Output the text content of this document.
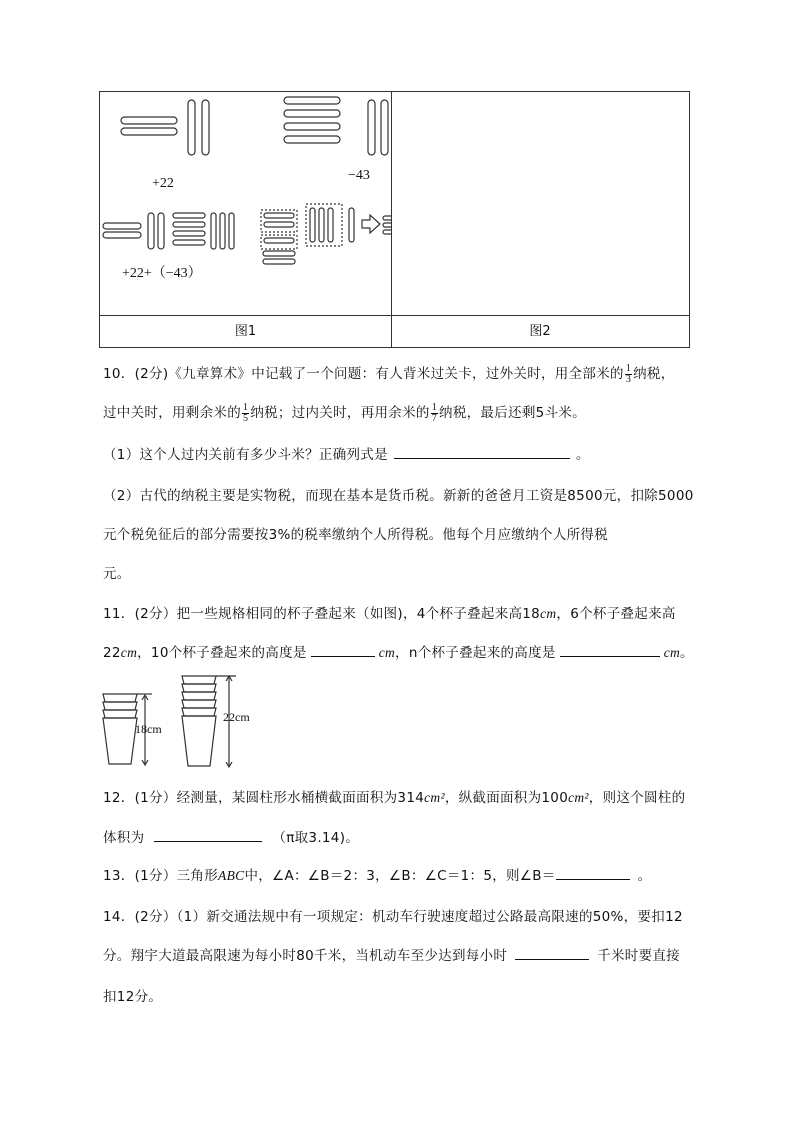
+22
−43
+22+（−43）
图1	图2
10．(2分)《九章算术》中记载了一个问题：有人背米过关卡，过外关时，用全部米的 $\frac{1}{3}$ 纳税，
过中关时，用剩余米的 $\frac{1}{5}$ 纳税；过内关时，再用余米的 $\frac{1}{7}$ 纳税，最后还剩5斗米。
（1）这个人过内关前有多少斗米？正确列式是	。
（2）古代的纳税主要是实物税，而现在基本是货币税。新新的爸爸月工资是8500元，扣除5000
元个税免征后的部分需要按3%的税率缴纳个人所得税。他每个月应缴纳个人所得税
元。
11．(2分）把一些规格相同的杯子叠起来（如图)，4个杯子叠起来高18cm，6个杯子叠起来高
22cm，10个杯子叠起来的高度是	cm，n个杯子叠起来的高度是	cm。
18cm
22cm
12．(1分）经测量，某圆柱形水桶横截面面积为314cm²，纵截面面积为100cm²，则这个圆柱的
体积为	（π取3.14)。
13．(1分）三角形ABC中，∠A：∠B＝2：3，∠B：∠C＝1：5，则∠B＝	。
14．(2分）（1）新交通法规中有一项规定：机动车行驶速度超过公路最高限速的50%，要扣12
分。翔宇大道最高限速为每小时80千米，当机动车至少达到每小时	千米时要直接
扣12分。
